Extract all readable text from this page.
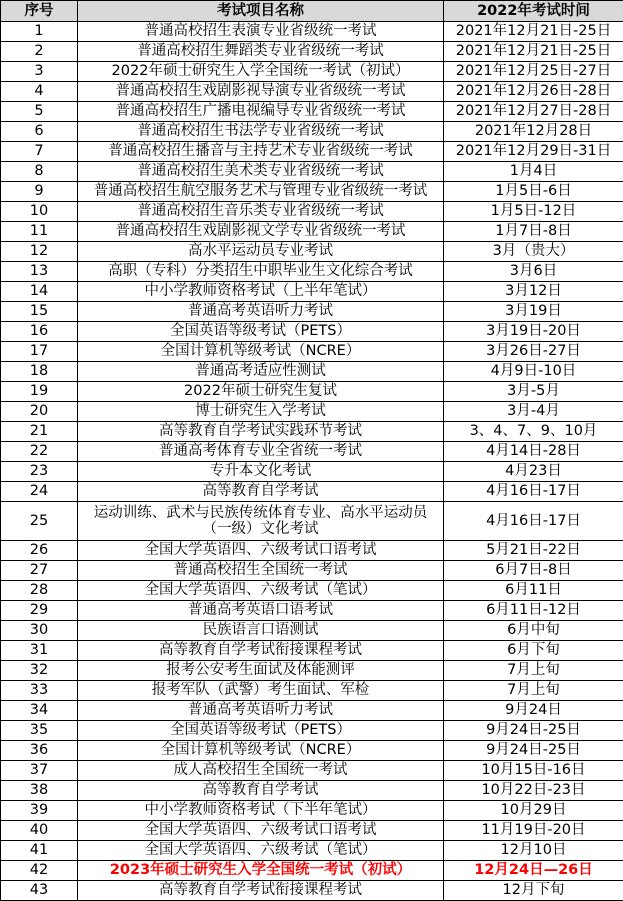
序号	考试项目名称	2022年考试时间
1	普通高校招生表演专业省级统一考试	2021年12月21日-25日
2	普通高校招生舞蹈类专业省级统一考试	2021年12月21日-25日
3	2022年硕士研究生入学全国统一考试（初试）	2021年12月25日-27日
4	普通高校招生戏剧影视导演专业省级统一考试	2021年12月26日-28日
5	普通高校招生广播电视编导专业省级统一考试	2021年12月27日-28日
6	普通高校招生书法学专业省级统一考试	2021年12月28日
7	普通高校招生播音与主持艺术专业省级统一考试	2021年12月29日-31日
8	普通高校招生美术类专业省级统一考试	1月4日
9	普通高校招生航空服务艺术与管理专业省级统一考试	1月5日-6日
10	普通高校招生音乐类专业省级统一考试	1月5日-12日
11	普通高校招生戏剧影视文学专业省级统一考试	1月7日-8日
12	高水平运动员专业考试	3月（贵大）
13	高职（专科）分类招生中职毕业生文化综合考试	3月6日
14	中小学教师资格考试（上半年笔试）	3月12日
15	普通高考英语听力考试	3月19日
16	全国英语等级考试（PETS）	3月19日-20日
17	全国计算机等级考试（NCRE）	3月26日-27日
18	普通高考适应性测试	4月9日-10日
19	2022年硕士研究生复试	3月-5月
20	博士研究生入学考试	3月-4月
21	高等教育自学考试实践环节考试	3、4、7、9、10月
22	普通高考体育专业全省统一考试	4月14日-28日
23	专升本文化考试	4月23日
24	高等教育自学考试	4月16日-17日
25	运动训练、武术与民族传统体育专业、高水平运动员（一级）文化考试	4月16日-17日
26	全国大学英语四、六级考试口语考试	5月21日-22日
27	普通高校招生全国统一考试	6月7日-8日
28	全国大学英语四、六级考试（笔试）	6月11日
29	普通高考英语口语考试	6月11日-12日
30	民族语言口语测试	6月中旬
31	高等教育自学考试衔接课程考试	6月下旬
32	报考公安考生面试及体能测评	7月上旬
33	报考军队（武警）考生面试、军检	7月上旬
34	普通高考英语听力考试	9月24日
35	全国英语等级考试（PETS）	9月24日-25日
36	全国计算机等级考试（NCRE）	9月24日-25日
37	成人高校招生全国统一考试	10月15日-16日
38	高等教育自学考试	10月22日-23日
39	中小学教师资格考试（下半年笔试）	10月29日
40	全国大学英语四、六级考试口语考试	11月19日-20日
41	全国大学英语四、六级考试（笔试）	12月10日
42	2023年硕士研究生入学全国统一考试（初试）	12月24日—26日
43	高等教育自学考试衔接课程考试	12月下旬
